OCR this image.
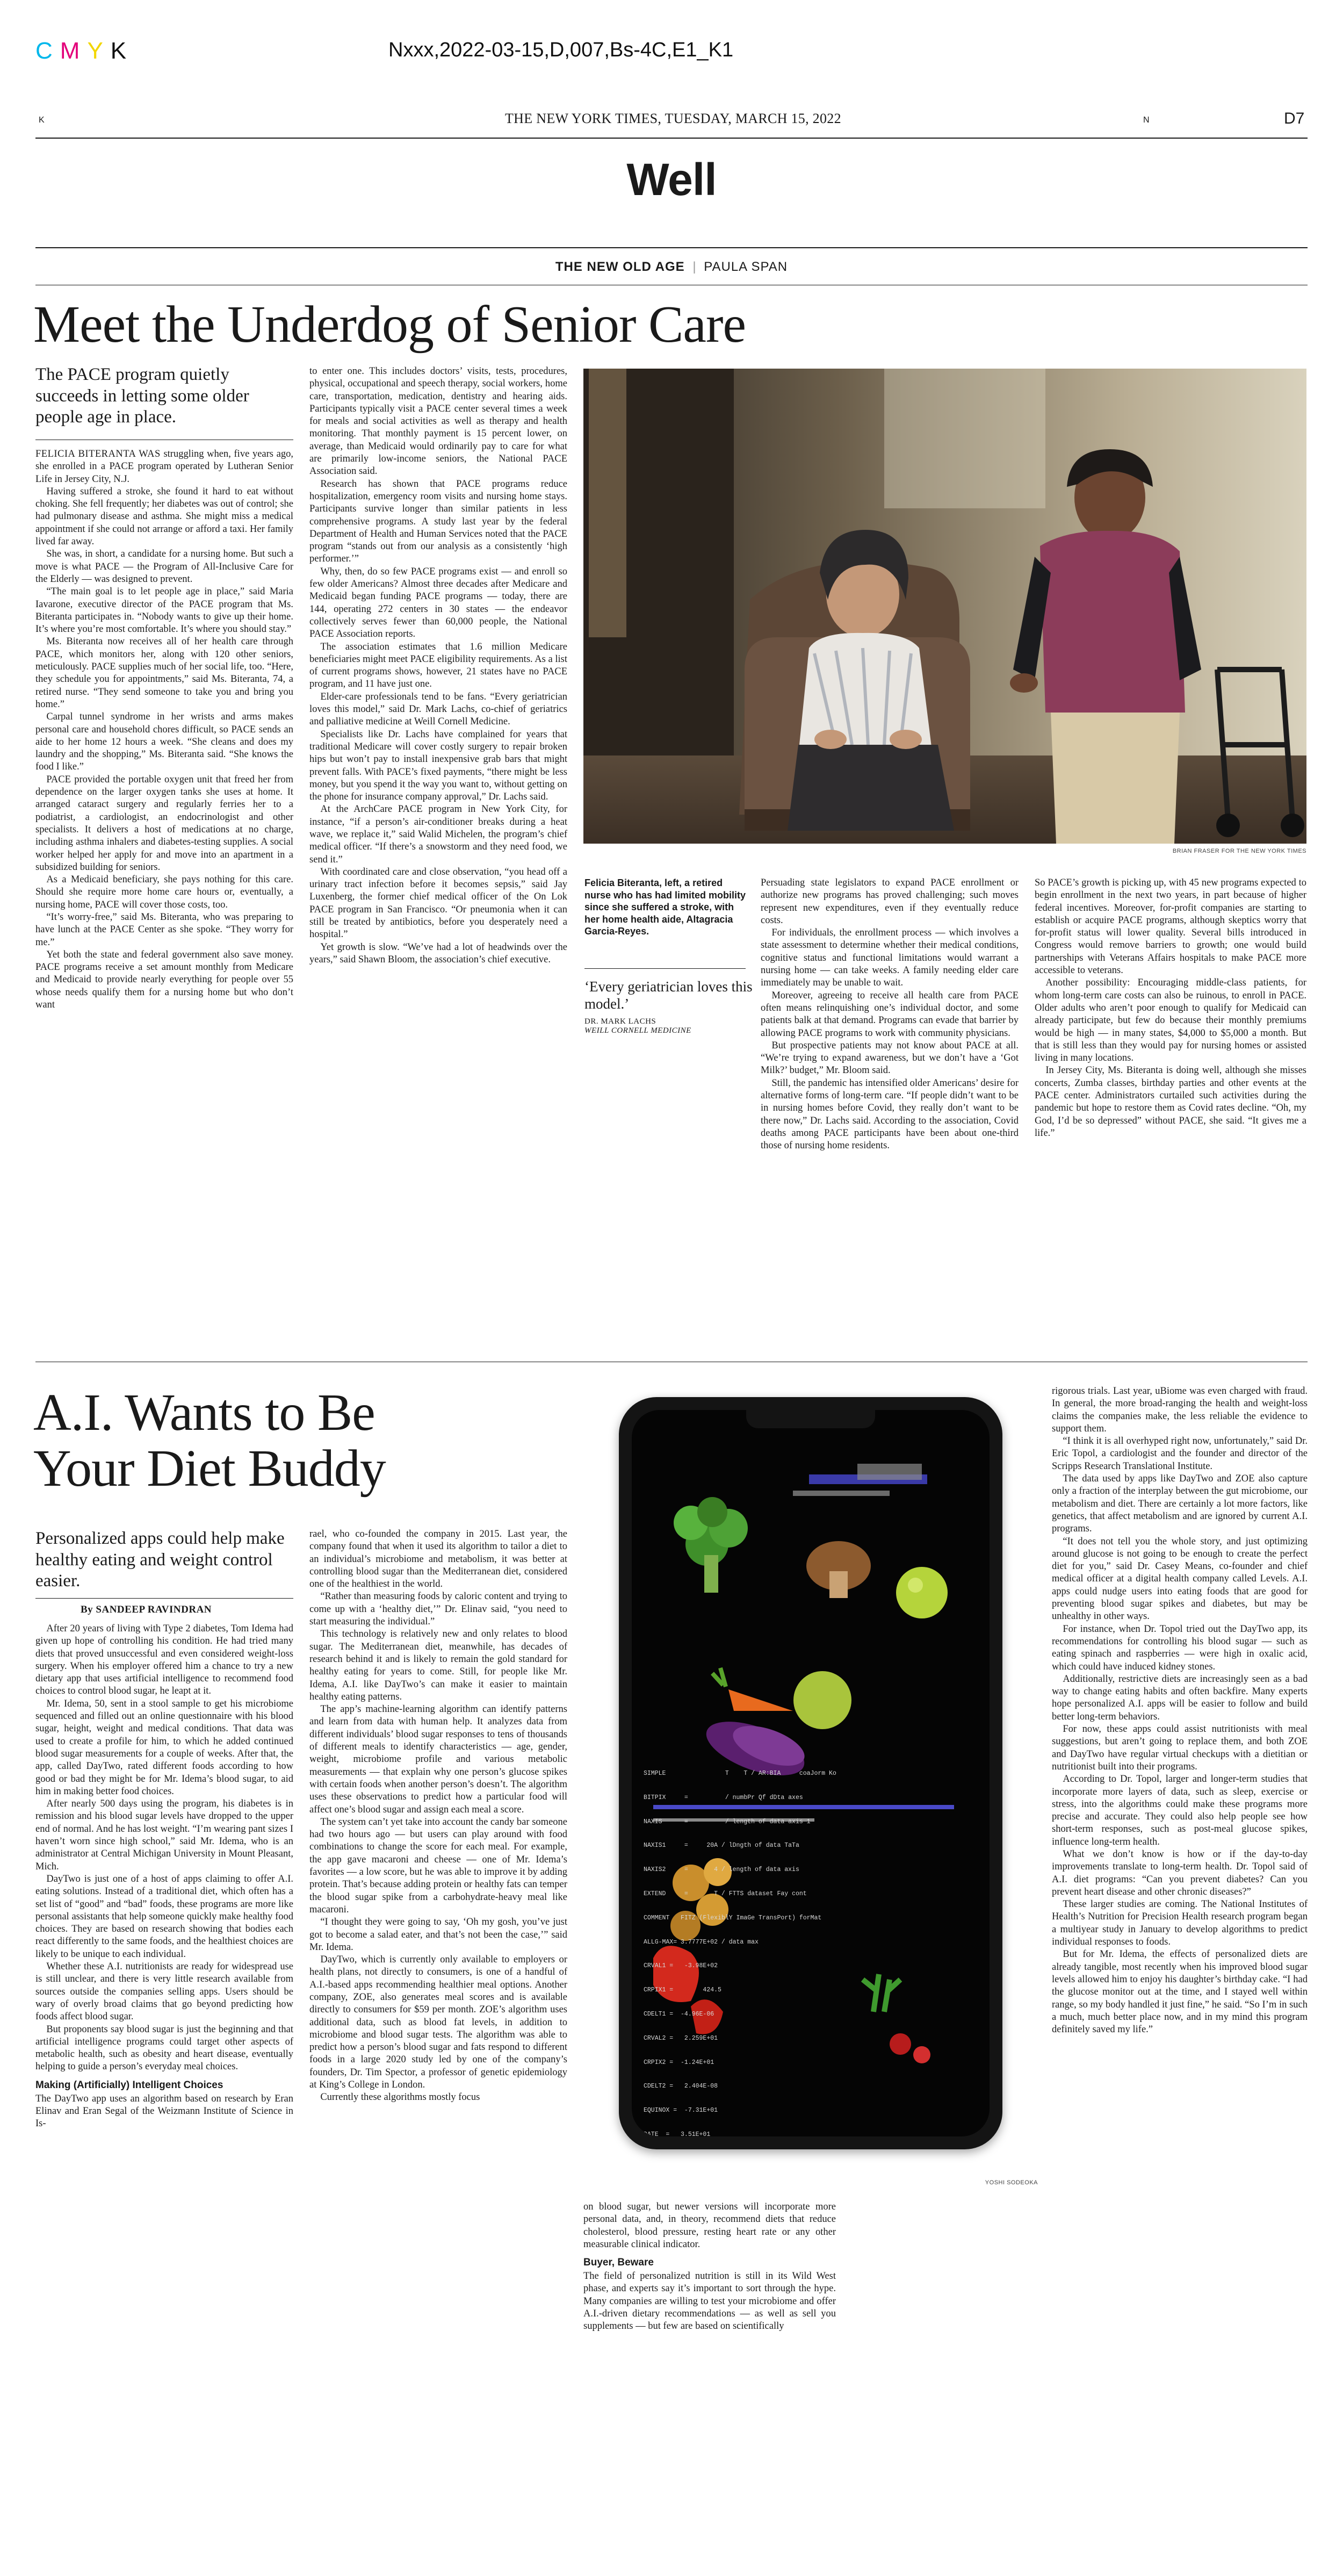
CMYK	Nxxx,2022-03-15,D,007,Bs-4C,E1_K1
K	THE NEW YORK TIMES, TUESDAY, MARCH 15, 2022	N	D7
Well
THE NEW OLD AGE | PAULA SPAN
Meet the Underdog of Senior Care
The PACE program quietly succeeds in letting some older people age in place.

FELICIA BITERANTA WAS struggling when, five years ago, she enrolled in a PACE program operated by Lutheran Senior Life in Jersey City, N.J.

Having suffered a stroke, she found it hard to eat without choking. She fell frequently; her diabetes was out of control; she had pulmonary disease and asthma. She might miss a medical appointment if she could not arrange or afford a taxi. Her family lived far away.

She was, in short, a candidate for a nursing home. But such a move is what PACE — the Program of All-Inclusive Care for the Elderly — was designed to prevent.

“The main goal is to let people age in place,” said Maria Iavarone, executive director of the PACE program that Ms. Biteranta participates in. “Nobody wants to give up their home. It’s where you’re most comfortable. It’s where you should stay.”

Ms. Biteranta now receives all of her health care through PACE, which monitors her, along with 120 other seniors, meticulously. PACE supplies much of her social life, too. “Here, they schedule you for appointments,” said Ms. Biteranta, 74, a retired nurse. “They send someone to take you and bring you home.”

Carpal tunnel syndrome in her wrists and arms makes personal care and household chores difficult, so PACE sends an aide to her home 12 hours a week. “She cleans and does my laundry and the shopping,” Ms. Biteranta said. “She knows the food I like.”

PACE provided the portable oxygen unit that freed her from dependence on the larger oxygen tanks she uses at home. It arranged cataract surgery and regularly ferries her to a podiatrist, a cardiologist, an endocrinologist and other specialists. It delivers a host of medications at no charge, including asthma inhalers and diabetes-testing supplies. A social worker helped her apply for and move into an apartment in a subsidized building for seniors.

As a Medicaid beneficiary, she pays nothing for this care. Should she require more home care hours or, eventually, a nursing home, PACE will cover those costs, too.

“It’s worry-free,” said Ms. Biteranta, who was preparing to have lunch at the PACE Center as she spoke. “They worry for me.”

Yet both the state and federal government also save money. PACE programs receive a set amount monthly from Medicare and Medicaid to provide nearly everything for people over 55 whose needs qualify them for a nursing home but who don’t want

to enter one. This includes doctors’ visits, tests, procedures, physical, occupational and speech therapy, social workers, home care, transportation, medication, dentistry and hearing aids. Participants typically visit a PACE center several times a week for meals and social activities as well as therapy and health monitoring. That monthly payment is 15 percent lower, on average, than Medicaid would ordinarily pay to care for what are primarily low-income seniors, the National PACE Association said.

Research has shown that PACE programs reduce hospitalization, emergency room visits and nursing home stays. Participants survive longer than similar patients in less comprehensive programs. A study last year by the federal Department of Health and Human Services noted that the PACE program “stands out from our analysis as a consistently ‘high performer.’”

Why, then, do so few PACE programs exist — and enroll so few older Americans? Almost three decades after Medicare and Medicaid began funding PACE programs — today, there are 144, operating 272 centers in 30 states — the endeavor collectively serves fewer than 60,000 people, the National PACE Association reports.

The association estimates that 1.6 million Medicare beneficiaries might meet PACE eligibility requirements. As a list of current programs shows, however, 21 states have no PACE program, and 11 have just one.

Elder-care professionals tend to be fans. “Every geriatrician loves this model,” said Dr. Mark Lachs, co-chief of geriatrics and palliative medicine at Weill Cornell Medicine.

Specialists like Dr. Lachs have complained for years that traditional Medicare will cover costly surgery to repair broken hips but won’t pay to install inexpensive grab bars that might prevent falls. With PACE’s fixed payments, “there might be less money, but you spend it the way you want to, without getting on the phone for insurance company approval,” Dr. Lachs said.

At the ArchCare PACE program in New York City, for instance, “if a person’s air-conditioner breaks during a heat wave, we replace it,” said Walid Michelen, the program’s chief medical officer. “If there’s a snowstorm and they need food, we send it.”

With coordinated care and close observation, “you head off a urinary tract infection before it becomes sepsis,” said Jay Luxenberg, the former chief medical officer of the On Lok PACE program in San Francisco. “Or pneumonia when it can still be treated by antibiotics, before you desperately need a hospital.”

Yet growth is slow. “We’ve had a lot of headwinds over the years,” said Shawn Bloom, the association’s chief executive.

BRIAN FRASER FOR THE NEW YORK TIMES
Felicia Biteranta, left, a retired nurse who has had limited mobility since she suffered a stroke, with her home health aide, Altagracia Garcia-Reyes.
‘Every geriatrician loves this model.’
DR. MARK LACHS
WEILL CORNELL MEDICINE

Persuading state legislators to expand PACE enrollment or authorize new programs has proved challenging; such moves represent new expenditures, even if they eventually reduce costs.

For individuals, the enrollment process — which involves a state assessment to determine whether their medical conditions, cognitive status and functional limitations would warrant a nursing home — can take weeks. A family needing elder care immediately may be unable to wait.

Moreover, agreeing to receive all health care from PACE often means relinquishing one’s individual doctor, and some patients balk at that demand. Programs can evade that barrier by allowing PACE programs to work with community physicians.

But prospective patients may not know about PACE at all. “We’re trying to expand awareness, but we don’t have a ‘Got Milk?’ budget,” Mr. Bloom said.

Still, the pandemic has intensified older Americans’ desire for alternative forms of long-term care. “If people didn’t want to be in nursing homes before Covid, they really don’t want to be there now,” Dr. Lachs said. According to the association, Covid deaths among PACE participants have been about one-third those of nursing home residents.

So PACE’s growth is picking up, with 45 new programs expected to begin enrollment in the next two years, in part because of higher federal incentives. Moreover, for-profit companies are starting to establish or acquire PACE programs, although skeptics worry that for-profit status will lower quality. Several bills introduced in Congress would remove barriers to growth; one would build partnerships with Veterans Affairs hospitals to make PACE more accessible to veterans.

Another possibility: Encouraging middle-class patients, for whom long-term care costs can also be ruinous, to enroll in PACE. Older adults who aren’t poor enough to qualify for Medicaid can already participate, but few do because their monthly premiums would be high — in many states, $4,000 to $5,000 a month. But that is still less than they would pay for nursing homes or assisted living in many locations.

In Jersey City, Ms. Biteranta is doing well, although she misses concerts, Zumba classes, birthday parties and other events at the PACE center. Administrators curtailed such activities during the pandemic but hope to restore them as Covid rates decline. “Oh, my God, I’d be so depressed” without PACE, she said. “It gives me a life.”

A.I. Wants to Be
Your Diet Buddy
Personalized apps could help make healthy eating and weight control easier.
By SANDEEP RAVINDRAN

After 20 years of living with Type 2 diabetes, Tom Idema had given up hope of controlling his condition. He had tried many diets that proved unsuccessful and even considered weight-loss surgery. When his employer offered him a chance to try a new dietary app that uses artificial intelligence to recommend food choices to control blood sugar, he leapt at it.

Mr. Idema, 50, sent in a stool sample to get his microbiome sequenced and filled out an online questionnaire with his blood sugar, height, weight and medical conditions. That data was used to create a profile for him, to which he added continued blood sugar measurements for a couple of weeks. After that, the app, called DayTwo, rated different foods according to how good or bad they might be for Mr. Idema’s blood sugar, to aid him in making better food choices.

After nearly 500 days using the program, his diabetes is in remission and his blood sugar levels have dropped to the upper end of normal. And he has lost weight. “I’m wearing pant sizes I haven’t worn since high school,” said Mr. Idema, who is an administrator at Central Michigan University in Mount Pleasant, Mich.

DayTwo is just one of a host of apps claiming to offer A.I. eating solutions. Instead of a traditional diet, which often has a set list of “good” and “bad” foods, these programs are more like personal assistants that help someone quickly make healthy food choices. They are based on research showing that bodies each react differently to the same foods, and the healthiest choices are likely to be unique to each individual.

Whether these A.I. nutritionists are ready for widespread use is still unclear, and there is very little research available from sources outside the companies selling apps. Users should be wary of overly broad claims that go beyond predicting how foods affect blood sugar.

But proponents say blood sugar is just the beginning and that artificial intelligence programs could target other aspects of metabolic health, such as obesity and heart disease, eventually helping to guide a person’s everyday meal choices.

Making (Artificially) Intelligent Choices

The DayTwo app uses an algorithm based on research by Eran Elinav and Eran Segal of the Weizmann Institute of Science in Is-

rael, who co-founded the company in 2015. Last year, the company found that when it used its algorithm to tailor a diet to an individual’s microbiome and metabolism, it was better at controlling blood sugar than the Mediterranean diet, considered one of the healthiest in the world.

“Rather than measuring foods by caloric content and trying to come up with a ‘healthy diet,’” Dr. Elinav said, “you need to start measuring the individual.”

This technology is relatively new and only relates to blood sugar. The Mediterranean diet, meanwhile, has decades of research behind it and is likely to remain the gold standard for healthy eating for years to come. Still, for people like Mr. Idema, A.I. like DayTwo’s can make it easier to maintain healthy eating patterns.

The app’s machine-learning algorithm can identify patterns and learn from data with human help. It analyzes data from different individuals’ blood sugar responses to tens of thousands of different meals to identify characteristics — age, gender, weight, microbiome profile and various metabolic measurements — that explain why one person’s glucose spikes with certain foods when another person’s doesn’t. The algorithm uses these observations to predict how a particular food will affect one’s blood sugar and assign each meal a score.

The system can’t yet take into account the candy bar someone had two hours ago — but users can play around with food combinations to change the score for each meal. For example, the app gave macaroni and cheese — one of Mr. Idema’s favorites — a low score, but he was able to improve it by adding protein. That’s because adding protein or healthy fats can temper the blood sugar spike from a carbohydrate-heavy meal like macaroni.

“I thought they were going to say, ‘Oh my gosh, you’ve just got to become a salad eater, and that’s not been the case,’” said Mr. Idema.

DayTwo, which is currently only available to employers or health plans, not directly to consumers, is one of a handful of A.I.-based apps recommending healthier meal options. Another company, ZOE, also generates meal scores and is available directly to consumers for $59 per month. ZOE’s algorithm uses additional data, such as blood fat levels, in addition to microbiome and blood sugar tests. The algorithm was able to predict how a person’s blood sugar and fats respond to different foods in a large 2020 study led by one of the company’s founders, Dr. Tim Spector, a professor of genetic epidemiology at King’s College in London.

Currently these algorithms mostly focus

SIMPLE                T    T / AR:BIA     coaJorm Ko

BITPIX     =          / numbPr Qf dDta axes

NAXIS      =          / length of data axis 1

NAXIS1     =     20A / lDngth of data TaTa

NAXIS2     =       4 / length of data axis

EXTEND     =       T / FTTS dataset Fay cont

COMMENT   FITZ (FlexiblY ImaGe TransPort) forMat

ALLG-MAX= 3.7777E+02 / data max

CRVAL1 =   -3.98E+02

CRPIX1 =        424.5

CDELT1 =  -4.96E-06

CRVAL2 =   2.259E+01

CRPIX2 =  -1.24E+01

CDELT2 =   2.404E-08

EQUINOX =  -7.31E+01

DATE  =   3.51E+01

YOSHI SODEOKA

on blood sugar, but newer versions will incorporate more personal data, and, in theory, recommend diets that reduce cholesterol, blood pressure, resting heart rate or any other measurable clinical indicator.

Buyer, Beware

The field of personalized nutrition is still in its Wild West phase, and experts say it’s important to sort through the hype. Many companies are willing to test your microbiome and offer A.I.-driven dietary recommendations — as well as sell you supplements — but few are based on scientifically

rigorous trials. Last year, uBiome was even charged with fraud. In general, the more broad-ranging the health and weight-loss claims the companies make, the less reliable the evidence to support them.

“I think it is all overhyped right now, unfortunately,” said Dr. Eric Topol, a cardiologist and the founder and director of the Scripps Research Translational Institute.

The data used by apps like DayTwo and ZOE also capture only a fraction of the interplay between the gut microbiome, our metabolism and diet. There are certainly a lot more factors, like genetics, that affect metabolism and are ignored by current A.I. programs.

“It does not tell you the whole story, and just optimizing around glucose is not going to be enough to create the perfect diet for you,” said Dr. Casey Means, co-founder and chief medical officer at a digital health company called Levels. A.I. apps could nudge users into eating foods that are good for preventing blood sugar spikes and diabetes, but may be unhealthy in other ways.

For instance, when Dr. Topol tried out the DayTwo app, its recommendations for controlling his blood sugar — such as eating spinach and raspberries — were high in oxalic acid, which could have induced kidney stones.

Additionally, restrictive diets are increasingly seen as a bad way to change eating habits and often backfire. Many experts hope personalized A.I. apps will be easier to follow and build better long-term behaviors.

For now, these apps could assist nutritionists with meal suggestions, but aren’t going to replace them, and both ZOE and DayTwo have regular virtual checkups with a dietitian or nutritionist built into their programs.

According to Dr. Topol, larger and longer-term studies that incorporate more layers of data, such as sleep, exercise or stress, into the algorithms could make these programs more precise and accurate. They could also help people see how short-term responses, such as post-meal glucose spikes, influence long-term health.

What we don’t know is how or if the day-to-day improvements translate to long-term health. Dr. Topol said of A.I. diet programs: “Can you prevent diabetes? Can you prevent heart disease and other chronic diseases?”

These larger studies are coming. The National Institutes of Health’s Nutrition for Precision Health research program began a multiyear study in January to develop algorithms to predict individual responses to foods.

But for Mr. Idema, the effects of personalized diets are already tangible, most recently when his improved blood sugar levels allowed him to enjoy his daughter’s birthday cake. “I had the glucose monitor out at the time, and I stayed well within range, so my body handled it just fine,” he said. “So I’m in such a much, much better place now, and in my mind this program definitely saved my life.”
